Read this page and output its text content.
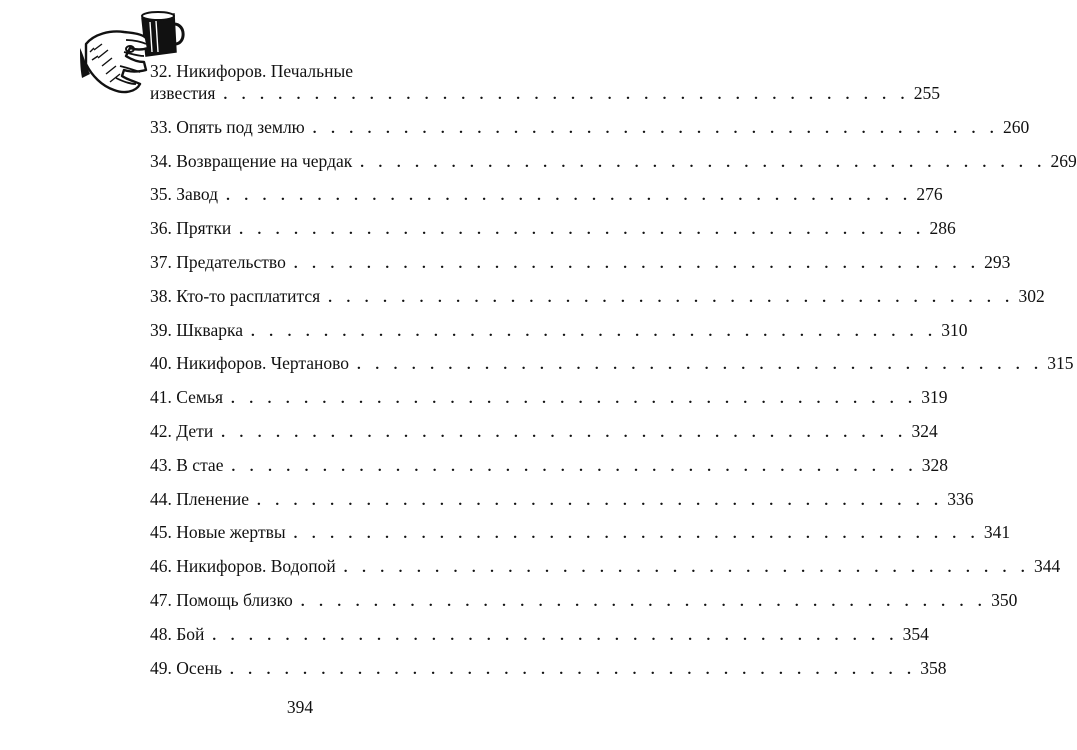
32. Никифоров. Печальные
известия . . . . . . . . . . . . . . . . . . . . . . . . . . . . . . . . . . . . . . 255
33. Опять под землю . . . . . . . . . . . . . . . . . . . . . . . . . . . . . . . . . . . . . . 260
34. Возвращение на чердак . . . . . . . . . . . . . . . . . . . . . . . . . . . . . . . . . . . . . . 269
35. Завод . . . . . . . . . . . . . . . . . . . . . . . . . . . . . . . . . . . . . . 276
36. Прятки . . . . . . . . . . . . . . . . . . . . . . . . . . . . . . . . . . . . . . 286
37. Предательство . . . . . . . . . . . . . . . . . . . . . . . . . . . . . . . . . . . . . . 293
38. Кто-то расплатится . . . . . . . . . . . . . . . . . . . . . . . . . . . . . . . . . . . . . . 302
39. Шкварка . . . . . . . . . . . . . . . . . . . . . . . . . . . . . . . . . . . . . . 310
40. Никифоров. Чертаново . . . . . . . . . . . . . . . . . . . . . . . . . . . . . . . . . . . . . . 315
41. Семья . . . . . . . . . . . . . . . . . . . . . . . . . . . . . . . . . . . . . . 319
42. Дети . . . . . . . . . . . . . . . . . . . . . . . . . . . . . . . . . . . . . . 324
43. В стае . . . . . . . . . . . . . . . . . . . . . . . . . . . . . . . . . . . . . . 328
44. Пленение . . . . . . . . . . . . . . . . . . . . . . . . . . . . . . . . . . . . . . 336
45. Новые жертвы . . . . . . . . . . . . . . . . . . . . . . . . . . . . . . . . . . . . . . 341
46. Никифоров. Водопой . . . . . . . . . . . . . . . . . . . . . . . . . . . . . . . . . . . . . . 344
47. Помощь близко . . . . . . . . . . . . . . . . . . . . . . . . . . . . . . . . . . . . . . 350
48. Бой . . . . . . . . . . . . . . . . . . . . . . . . . . . . . . . . . . . . . . 354
49. Осень . . . . . . . . . . . . . . . . . . . . . . . . . . . . . . . . . . . . . . 358
394
